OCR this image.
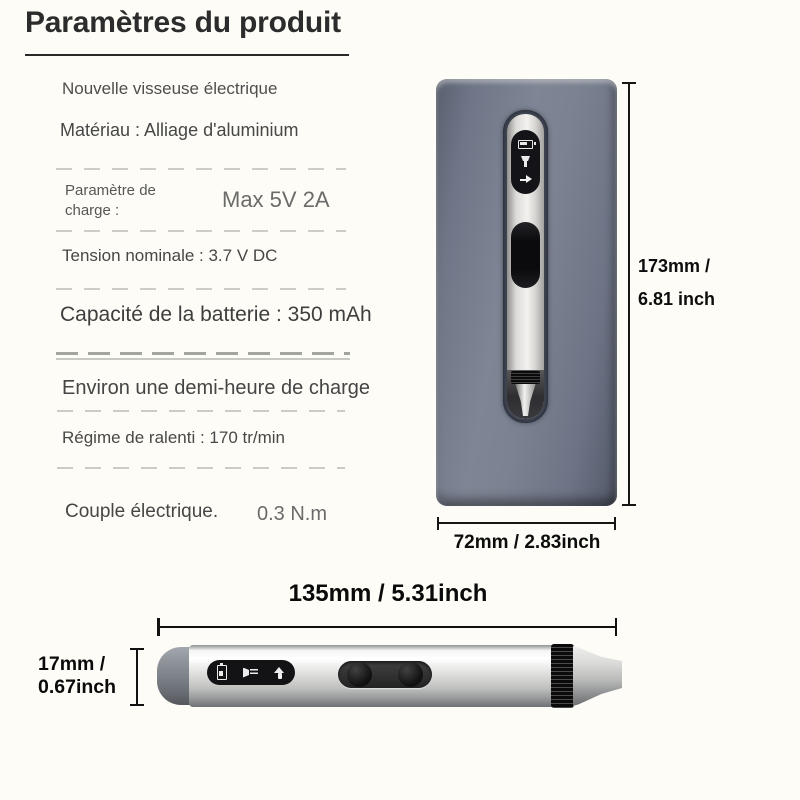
Paramètres du produit
Nouvelle visseuse électrique
Matériau : Alliage d'aluminium
Paramètre de
charge :	Max 5V 2A
Tension nominale : 3.7 V DC
Capacité de la batterie : 350 mAh
Environ une demi-heure de charge
Régime de ralenti : 170 tr/min
Couple électrique. 0.3 N.m
173mm /
6.81 inch
72mm / 2.83inch
135mm / 5.31inch
17mm /
0.67inch
